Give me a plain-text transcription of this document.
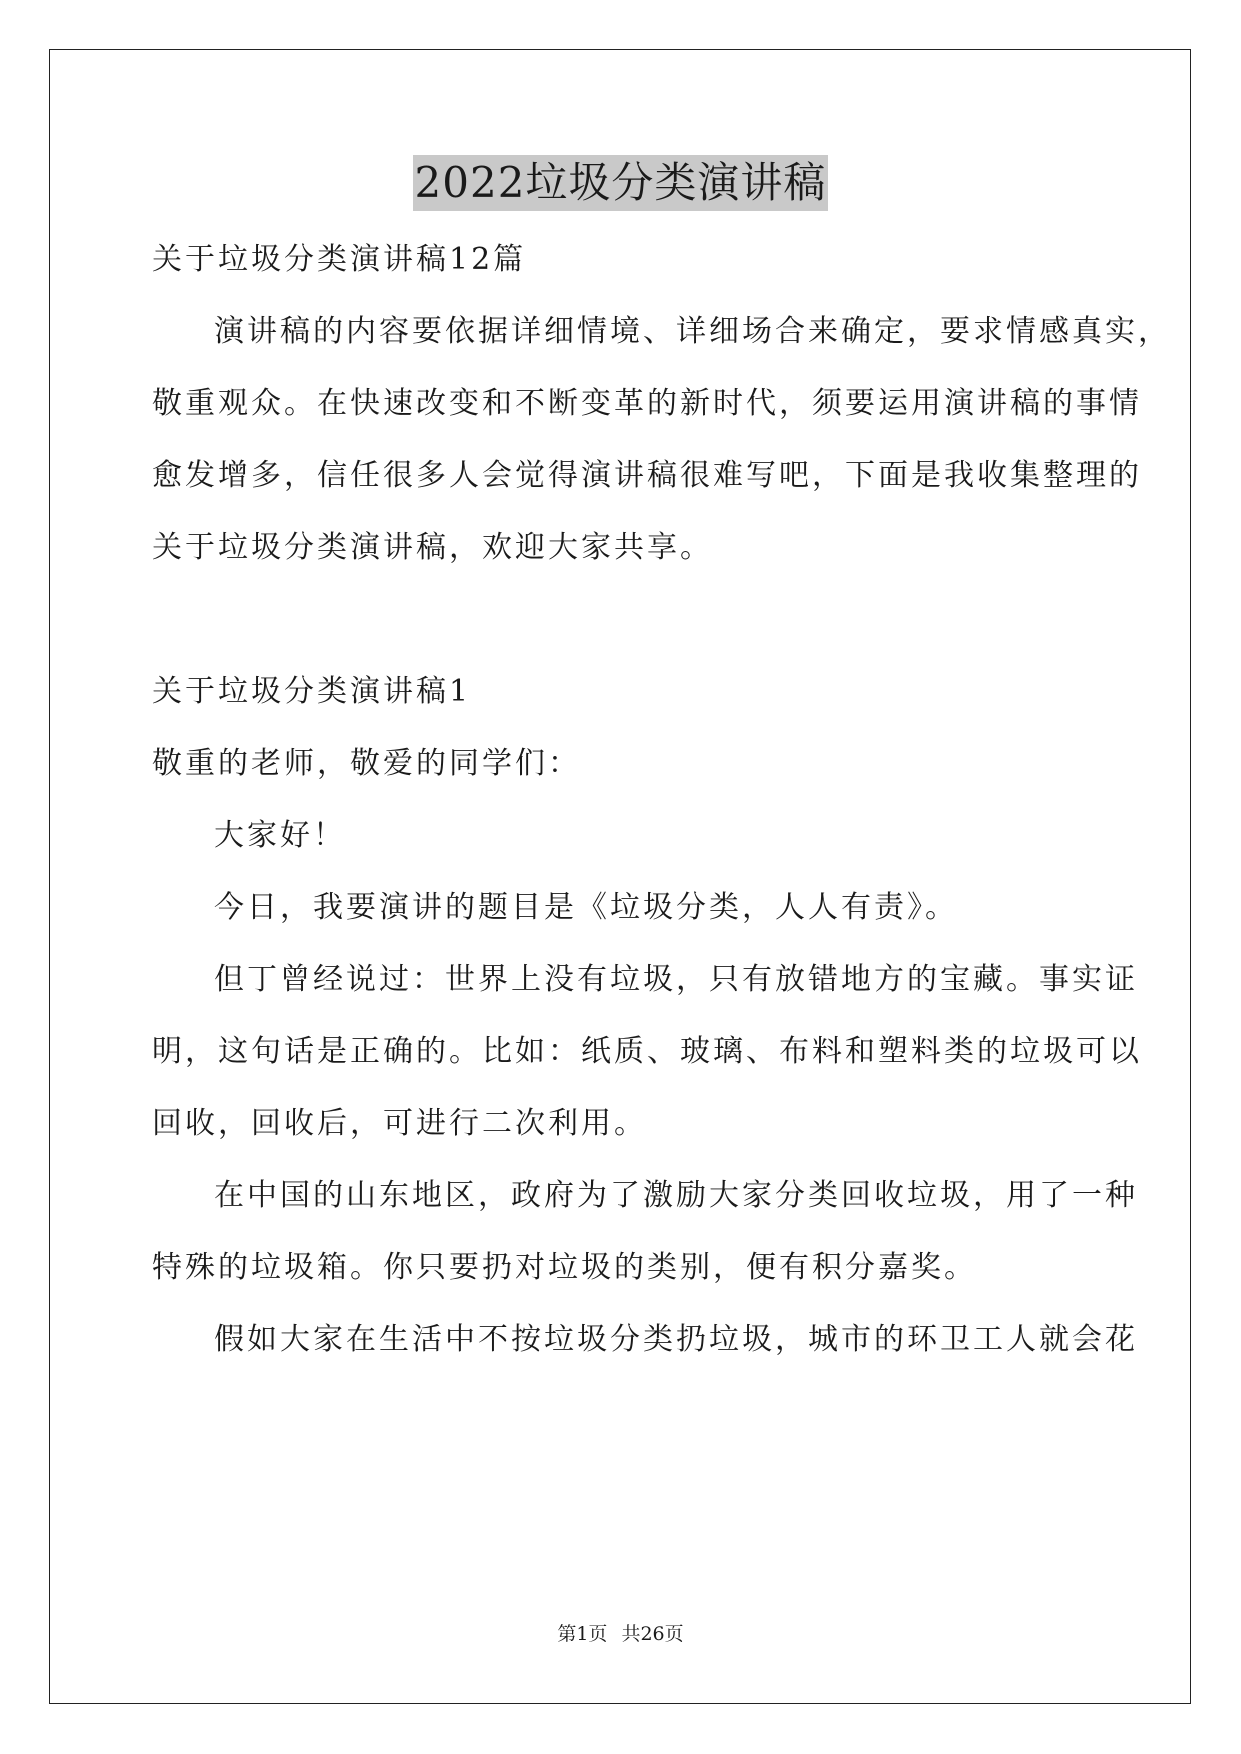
2022垃圾分类演讲稿
关于垃圾分类演讲稿12篇
演讲稿的内容要依据详细情境、详细场合来确定，要求情感真实，
敬重观众。在快速改变和不断变革的新时代，须要运用演讲稿的事情
愈发增多，信任很多人会觉得演讲稿很难写吧，下面是我收集整理的
关于垃圾分类演讲稿，欢迎大家共享。
关于垃圾分类演讲稿1
敬重的老师，敬爱的同学们：
大家好！
今日，我要演讲的题目是《垃圾分类，人人有责》。
但丁曾经说过：世界上没有垃圾，只有放错地方的宝藏。事实证
明，这句话是正确的。比如：纸质、玻璃、布料和塑料类的垃圾可以
回收，回收后，可进行二次利用。
在中国的山东地区，政府为了激励大家分类回收垃圾，用了一种
特殊的垃圾箱。你只要扔对垃圾的类别，便有积分嘉奖。
假如大家在生活中不按垃圾分类扔垃圾，城市的环卫工人就会花
第1页 共26页
